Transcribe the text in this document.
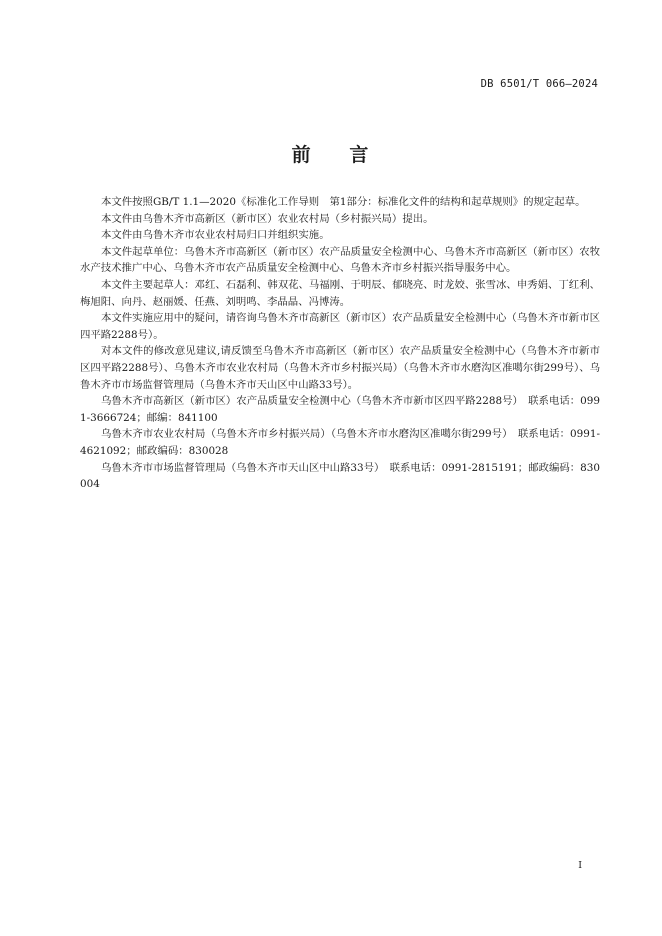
DB 6501/T 066—2024
前 言

本文件按照GB/T 1.1—2020《标准化工作导则　第1部分：标准化文件的结构和起草规则》的规定起草。

本文件由乌鲁木齐市高新区（新市区）农业农村局（乡村振兴局）提出。

本文件由乌鲁木齐市农业农村局归口并组织实施。

本文件起草单位：乌鲁木齐市高新区（新市区）农产品质量安全检测中心、乌鲁木齐市高新区（新市区）农牧水产技术推广中心、乌鲁木齐市农产品质量安全检测中心、乌鲁木齐市乡村振兴指导服务中心。

本文件主要起草人：邓红、石磊利、韩双花、马福刚、于明辰、郁晓亮、时龙姣、张雪冰、申秀娟、丁红利、梅旭阳、向丹、赵丽媛、任燕、刘明鸣、李晶晶、冯博涛。

本文件实施应用中的疑问，请咨询乌鲁木齐市高新区（新市区）农产品质量安全检测中心（乌鲁木齐市新市区四平路2288号）。

对本文件的修改意见建议,请反馈至乌鲁木齐市高新区（新市区）农产品质量安全检测中心（乌鲁木齐市新市区四平路2288号）、乌鲁木齐市农业农村局（乌鲁木齐市乡村振兴局）（乌鲁木齐市水磨沟区准噶尔街299号）、乌鲁木齐市市场监督管理局（乌鲁木齐市天山区中山路33号）。

乌鲁木齐市高新区（新市区）农产品质量安全检测中心（乌鲁木齐市新市区四平路2288号）　联系电话：0991-3666724；邮编：841100

乌鲁木齐市农业农村局（乌鲁木齐市乡村振兴局）（乌鲁木齐市水磨沟区准噶尔街299号）　联系电话：0991-4621092；邮政编码：830028

乌鲁木齐市市场监督管理局（乌鲁木齐市天山区中山路33号）　联系电话：0991-2815191；邮政编码：830004

I
